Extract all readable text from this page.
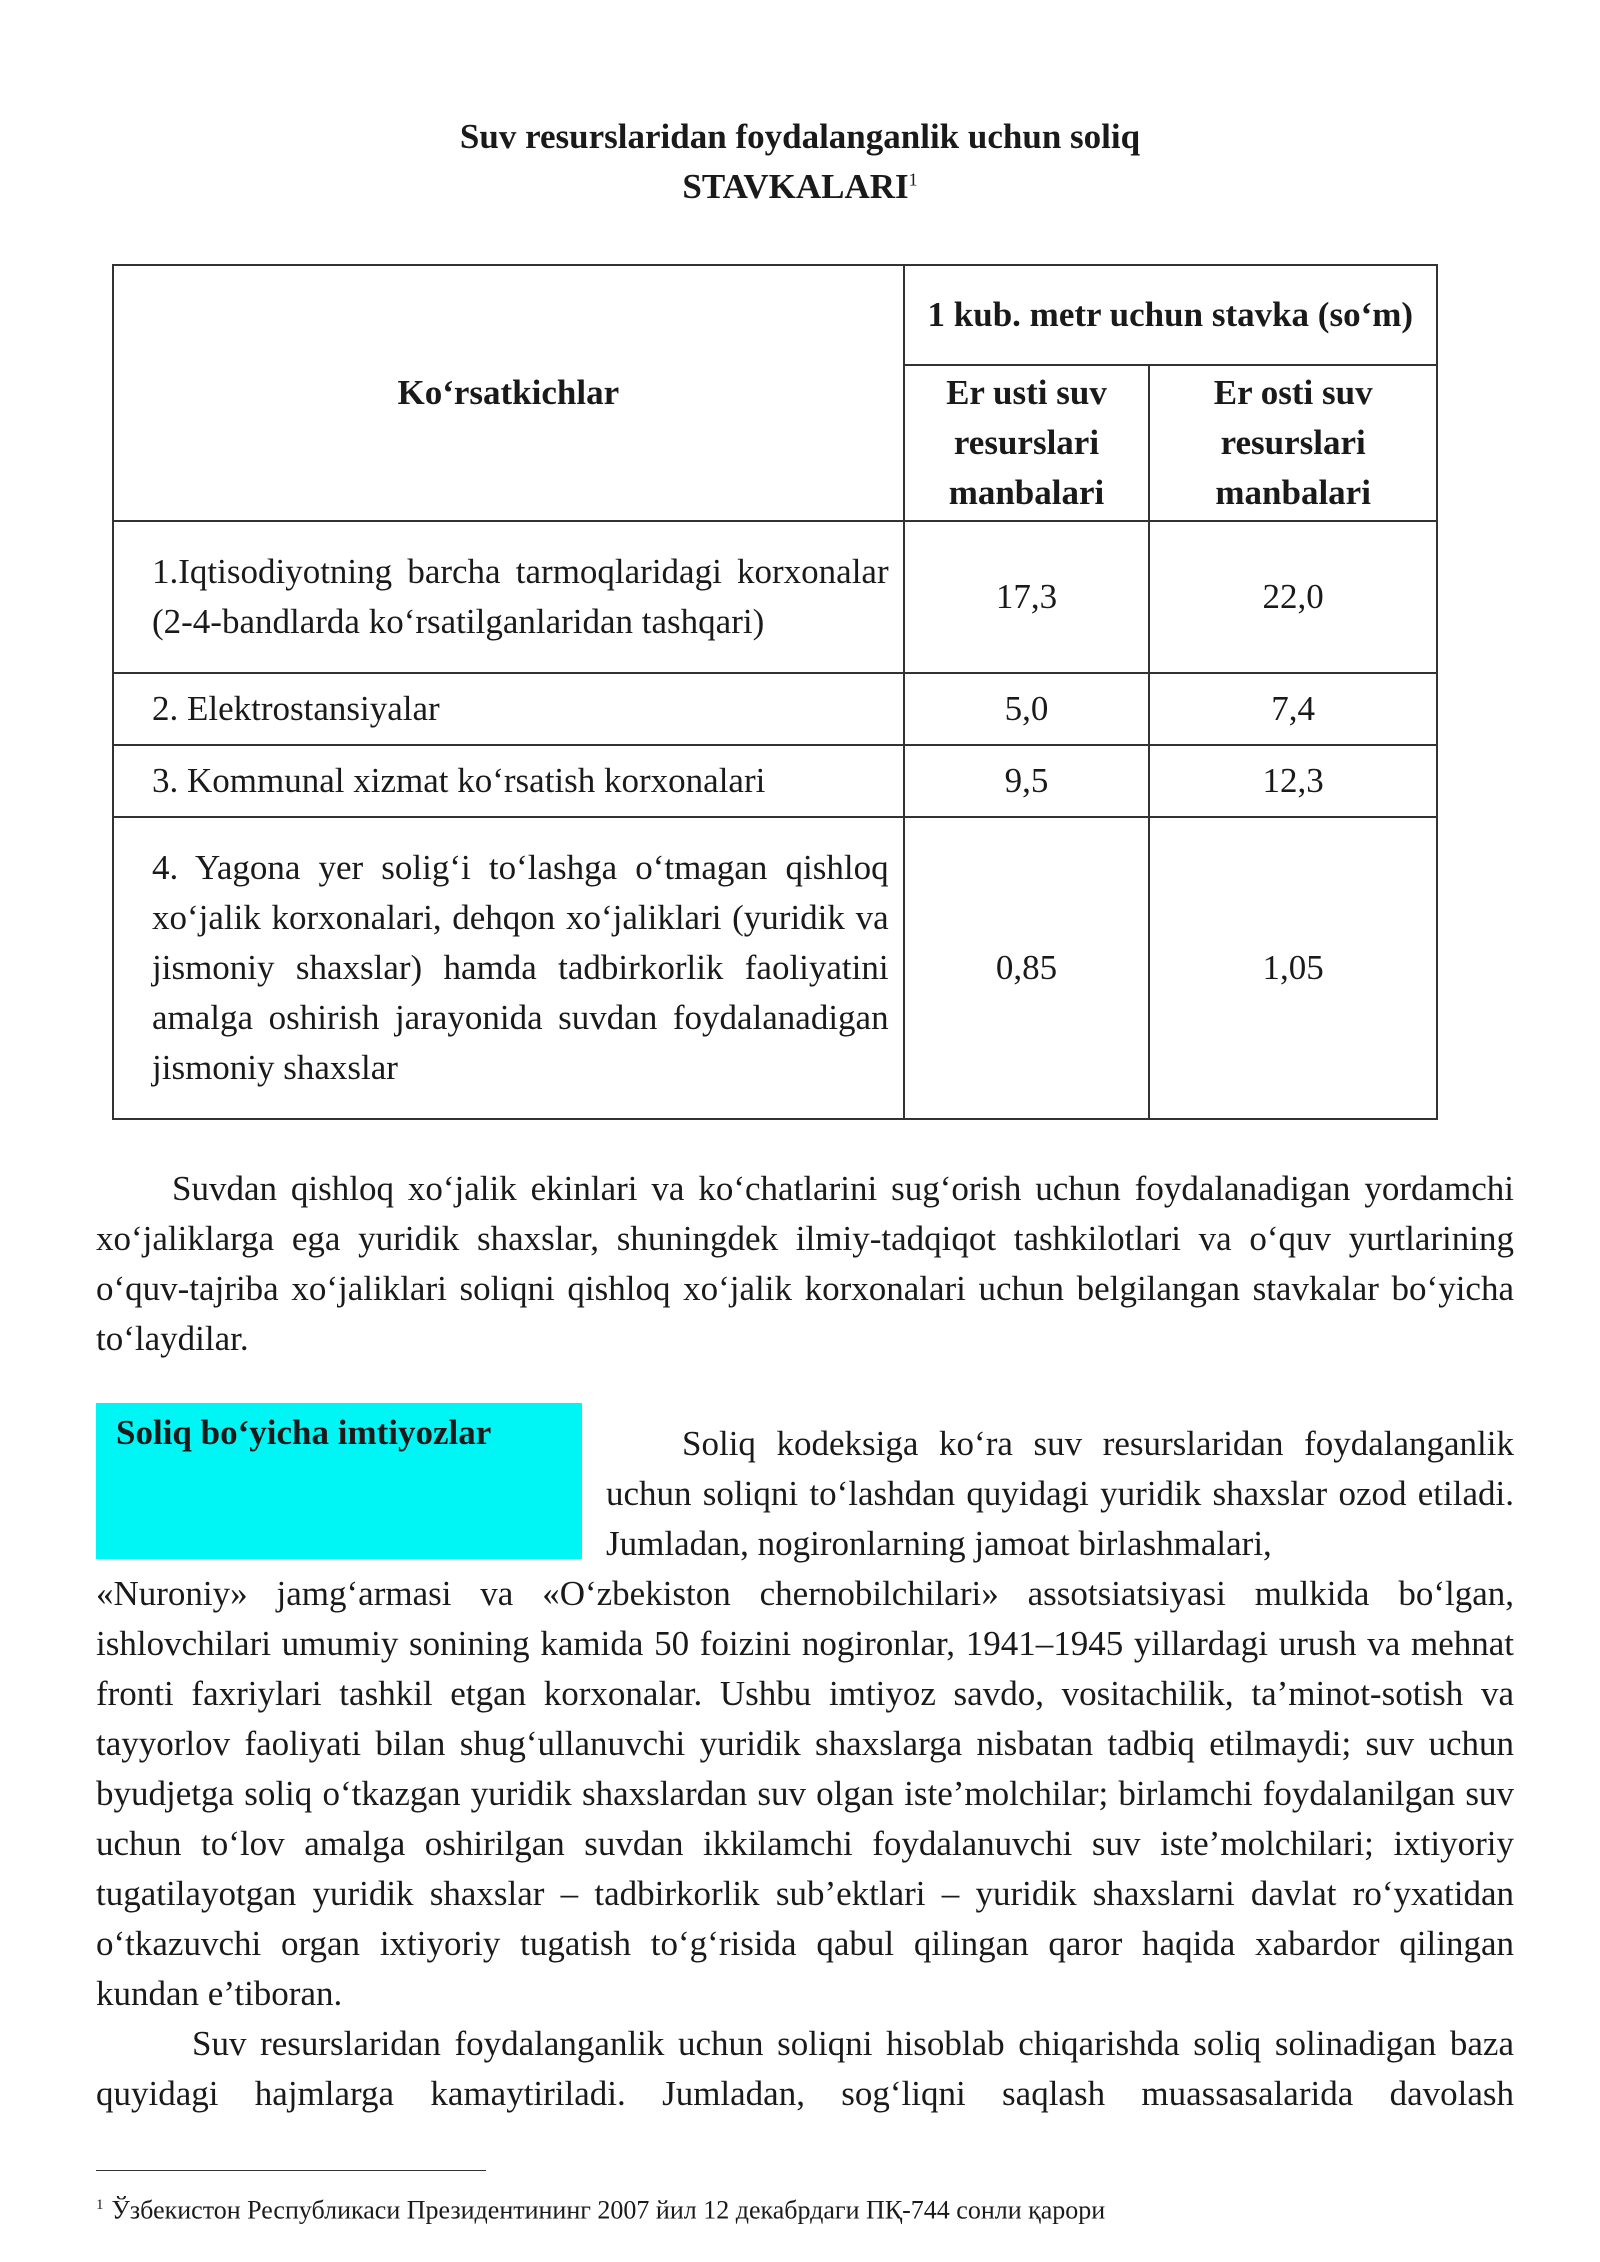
Suv resurslaridan foydalanganlik uchun soliq
STAVKALARI$^1$
Ko‘rsatkichlar	1 kub. metr uchun stavka (so‘m)	
	Er usti suv resurslari manbalari	Er osti suv resurslari manbalari
1.Iqtisodiyotning barcha tarmoqlaridagi korxonalar (2-4-bandlarda ko‘rsatilganlaridan tashqari)	17,3	22,0
2. Elektrostansiyalar	5,0	7,4
3. Kommunal xizmat ko‘rsatish korxonalari	9,5	12,3
4. Yagona yer solig‘i to‘lashga o‘tmagan qishloq xo‘jalik korxonalari, dehqon xo‘jaliklari (yuridik va jismoniy shaxslar) hamda tadbirkorlik faoliyatini amalga oshirish jarayonida suvdan foydalanadigan jismoniy shaxslar	0,85	1,05

Suvdan qishloq xo‘jalik ekinlari va ko‘chatlarini sug‘orish uchun foydalanadigan yordamchi xo‘jaliklarga ega yuridik shaxslar, shuningdek ilmiy-tadqiqot tashkilotlari va o‘quv yurtlarining o‘quv-tajriba xo‘jaliklari soliqni qishloq xo‘jalik korxonalari uchun belgilangan stavkalar bo‘yicha to‘laydilar.

Soliq bo‘yicha imtiyozlar	Soliq kodeksiga ko‘ra suv resurslaridan foydalanganlik uchun soliqni to‘lashdan quyidagi yuridik shaxslar ozod etiladi. Jumladan, nogironlarning jamoat birlashmalari,

«Nuroniy» jamg‘armasi va «O‘zbekiston chernobilchilari» assotsiatsiyasi mulkida bo‘lgan, ishlovchilari umumiy sonining kamida 50 foizini nogironlar, 1941–1945 yillardagi urush va mehnat fronti faxriylari tashkil etgan korxonalar. Ushbu imtiyoz savdo, vositachilik, ta’minot-sotish va tayyorlov faoliyati bilan shug‘ullanuvchi yuridik shaxslarga nisbatan tadbiq etilmaydi; suv uchun byudjetga soliq o‘tkazgan yuridik shaxslardan suv olgan iste’molchilar; birlamchi foydalanilgan suv uchun to‘lov amalga oshirilgan suvdan ikkilamchi foydalanuvchi suv iste’molchilari; ixtiyoriy tugatilayotgan yuridik shaxslar – tadbirkorlik sub’ektlari – yuridik shaxslarni davlat ro‘yxatidan o‘tkazuvchi organ ixtiyoriy tugatish to‘g‘risida qabul qilingan qaror haqida xabardor qilingan kundan e’tiboran.

Suv resurslaridan foydalanganlik uchun soliqni hisoblab chiqarishda soliq solinadigan baza quyidagi hajmlarga kamaytiriladi. Jumladan, sog‘liqni saqlash muassasalarida davolash

$^1$ Ўзбекистон Республикаси Президентининг 2007 йил 12 декабрдаги ПҚ-744 сонли қарори
